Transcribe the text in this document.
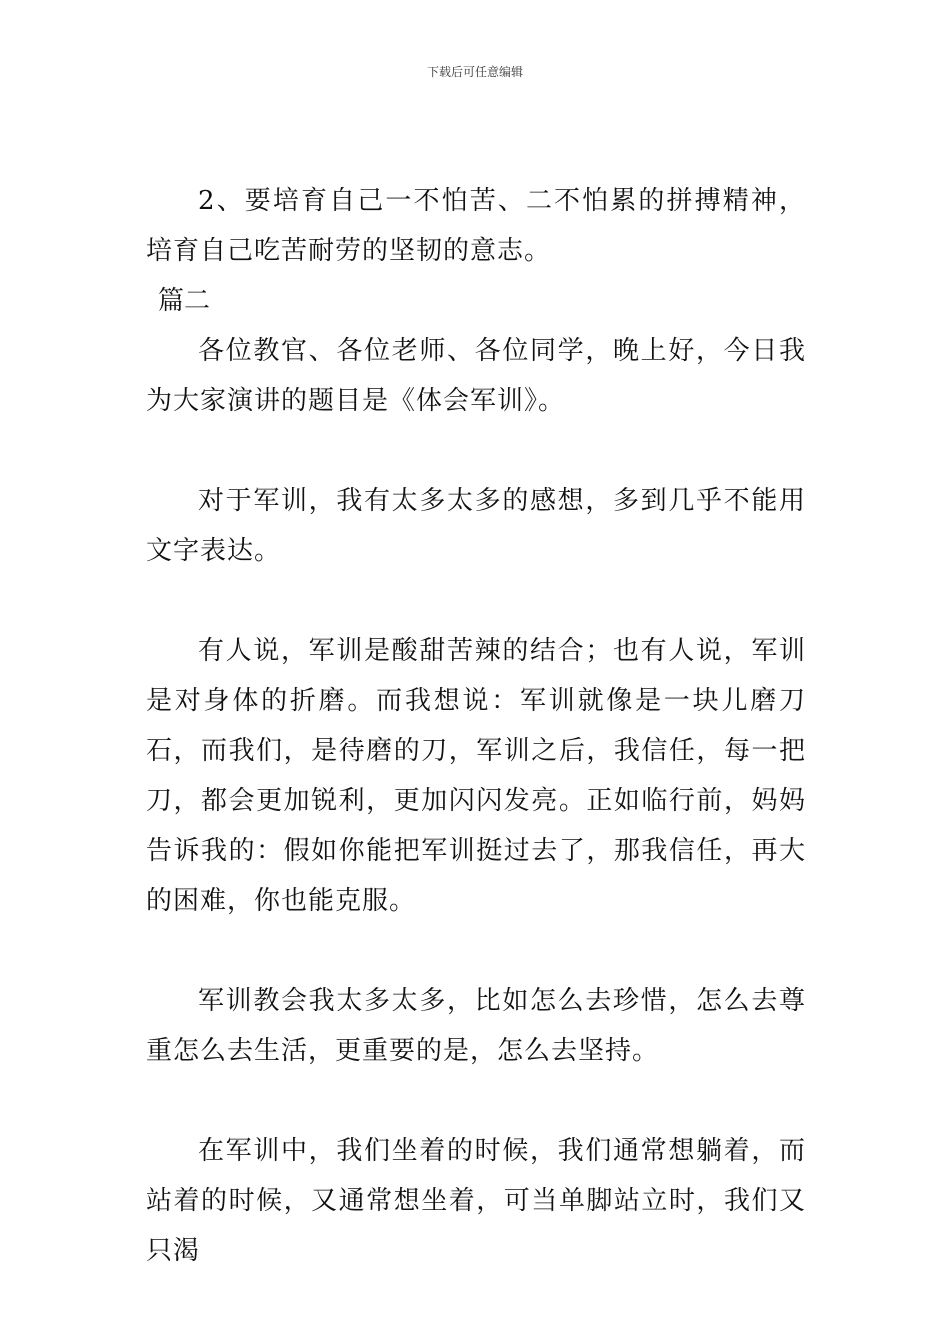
下载后可任意编辑

2、要培育自己一不怕苦、二不怕累的拼搏精神，培育自己吃苦耐劳的坚韧的意志。

篇二

各位教官、各位老师、各位同学，晚上好，今日我为大家演讲的题目是《体会军训》。

对于军训，我有太多太多的感想，多到几乎不能用文字表达。

有人说，军训是酸甜苦辣的结合；也有人说，军训是对身体的折磨。而我想说：军训就像是一块儿磨刀石，而我们，是待磨的刀，军训之后，我信任，每一把刀，都会更加锐利，更加闪闪发亮。正如临行前，妈妈告诉我的：假如你能把军训挺过去了，那我信任，再大的困难，你也能克服。

军训教会我太多太多，比如怎么去珍惜，怎么去尊重怎么去生活，更重要的是，怎么去坚持。

在军训中，我们坐着的时候，我们通常想躺着，而站着的时候，又通常想坐着，可当单脚站立时，我们又只渴
